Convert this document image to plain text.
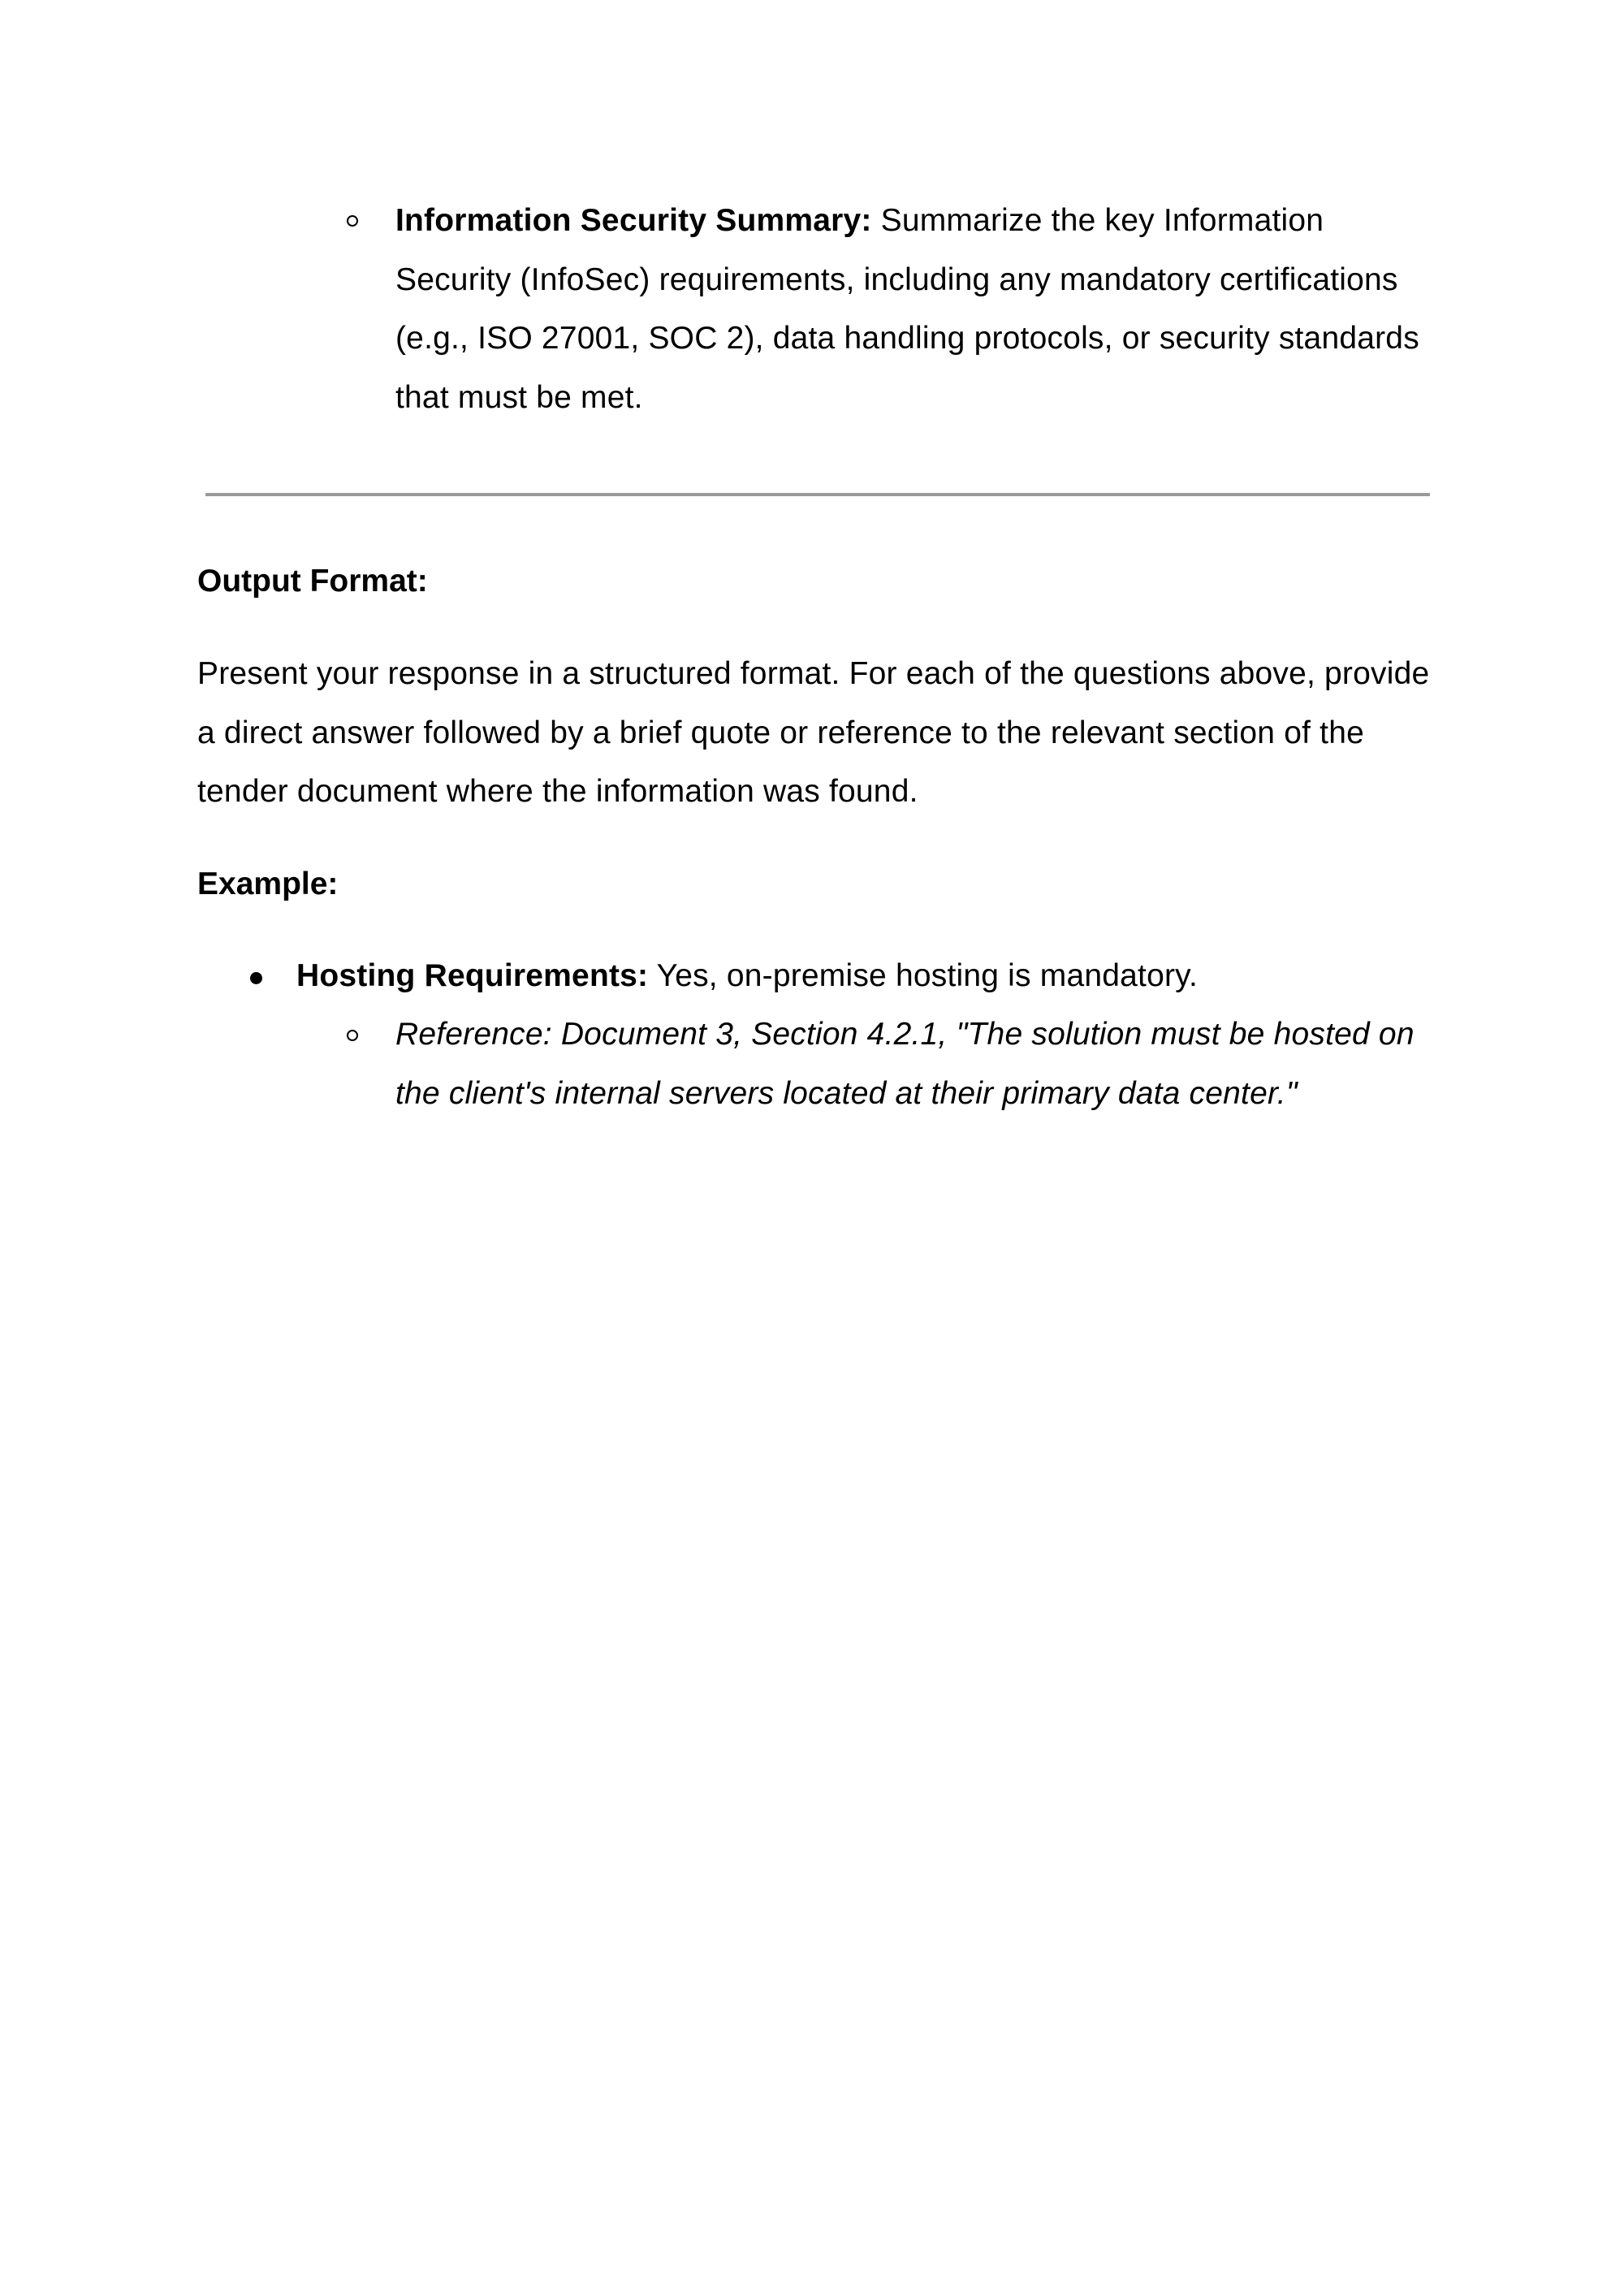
Information Security Summary: Summarize the key Information Security (InfoSec) requirements, including any mandatory certifications (e.g., ISO 27001, SOC 2), data handling protocols, or security standards that must be met.
Output Format:
Present your response in a structured format. For each of the questions above, provide a direct answer followed by a brief quote or reference to the relevant section of the tender document where the information was found.
Example:
Hosting Requirements: Yes, on-premise hosting is mandatory.
Reference: Document 3, Section 4.2.1, "The solution must be hosted on the client's internal servers located at their primary data center."
